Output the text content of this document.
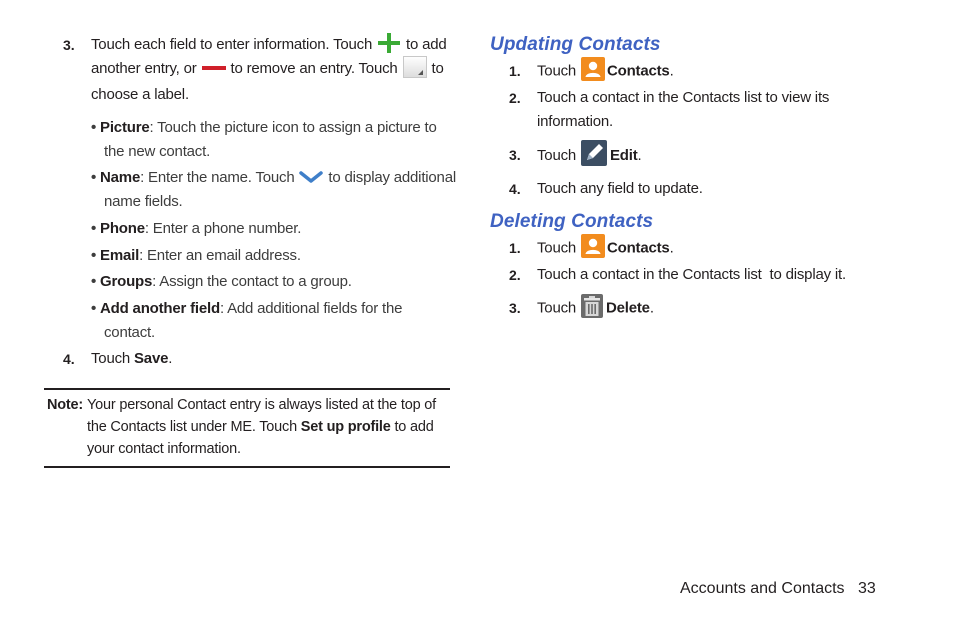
3. Touch each field to enter information. Touch to add
another entry, or to remove an entry. Touch to
choose a label.
• Picture: Touch the picture icon to assign a picture to
the new contact.
• Name: Enter the name. Touch to display additional
name fields.
• Phone: Enter a phone number.
• Email: Enter an email address.
• Groups: Assign the contact to a group.
• Add another field: Add additional fields for the
contact.
4. Touch Save.
Note: Your personal Contact entry is always listed at the top of
the Contacts list under ME. Touch Set up profile to add
your contact information.
Updating Contacts
1. Touch Contacts.
2. Touch a contact in the Contacts list to view its
information.
3. Touch Edit.
4. Touch any field to update.
Deleting Contacts
1. Touch Contacts.
2. Touch a contact in the Contacts list  to display it.
3. Touch Delete.
Accounts and Contacts 33
